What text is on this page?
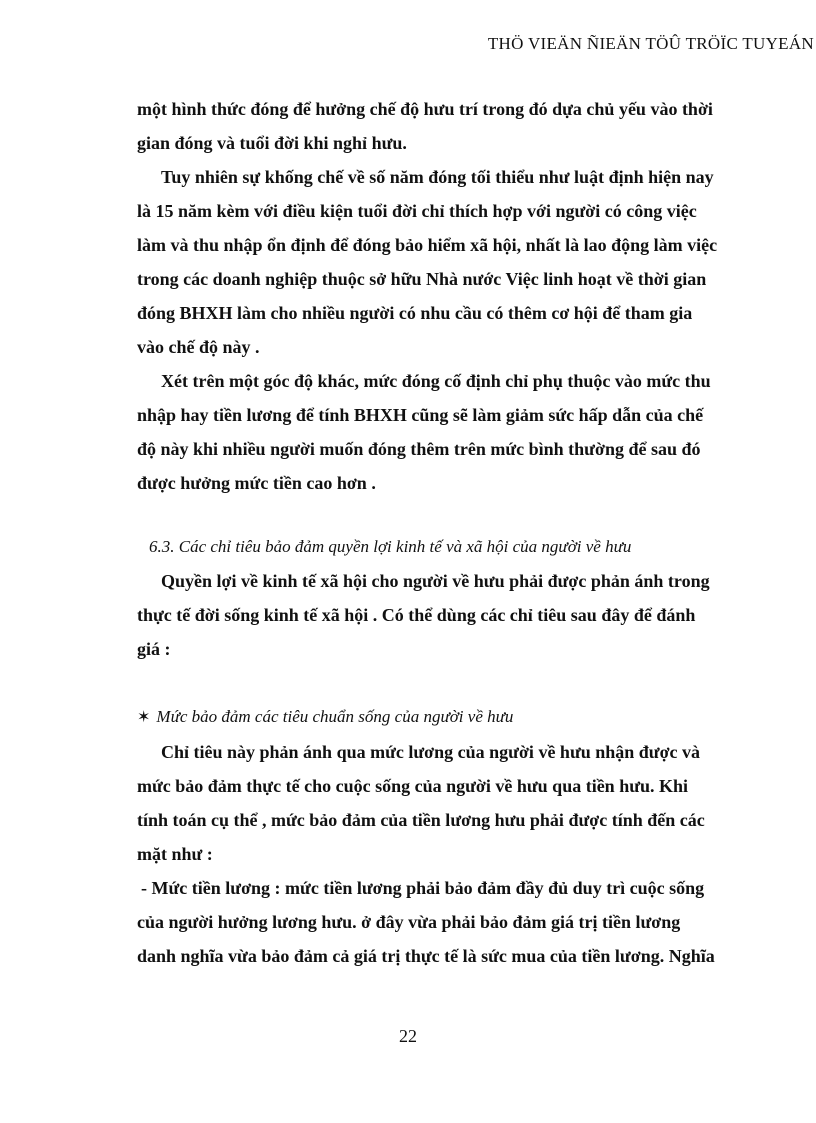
THÖ VIEÄN ÑIEÄN TÖÛ TRÖÏC TUYEÁN

một hình thức đóng để hưởng chế độ hưu trí trong đó dựa chủ yếu vào thời
gian đóng và tuổi đời khi nghỉ hưu.

Tuy nhiên sự khống chế về số năm đóng tối thiểu như luật định hiện nay
là 15 năm kèm với điều kiện tuổi đời chỉ thích hợp với người có công việc
làm và thu nhập ổn định để đóng bảo hiểm xã hội, nhất là lao động làm việc
trong các doanh nghiệp thuộc sở hữu Nhà nước Việc linh hoạt về thời gian
đóng BHXH làm cho nhiều người có nhu cầu có thêm cơ hội để tham gia
vào chế độ này .

Xét trên một góc độ khác, mức đóng cố định chỉ phụ thuộc vào mức thu
nhập hay tiền lương để tính BHXH cũng sẽ làm giảm sức hấp dẫn của chế
độ này khi nhiều người muốn đóng thêm trên mức bình thường để sau đó
được hưởng mức tiền cao hơn .

6.3. Các chỉ tiêu bảo đảm quyền lợi kinh tế và xã hội của người về hưu

Quyền lợi về kinh tế xã hội cho người về hưu phải được phản ánh trong
thực tế đời sống kinh tế xã hội . Có thể dùng các chỉ tiêu sau đây để đánh
giá :

✶ Mức bảo đảm các tiêu chuẩn sống của người về hưu

Chỉ tiêu này phản ánh qua mức lương của người về hưu nhận được và
mức bảo đảm thực tế cho cuộc sống của người về hưu qua tiền hưu. Khi
tính toán cụ thể , mức bảo đảm của tiền lương hưu phải được tính đến các
mặt như :

- Mức tiền lương : mức tiền lương phải bảo đảm đầy đủ duy trì cuộc sống

của người hưởng lương hưu. ở đây vừa phải bảo đảm giá trị tiền lương
danh nghĩa vừa bảo đảm cả giá trị thực tế là sức mua của tiền lương. Nghĩa

22
